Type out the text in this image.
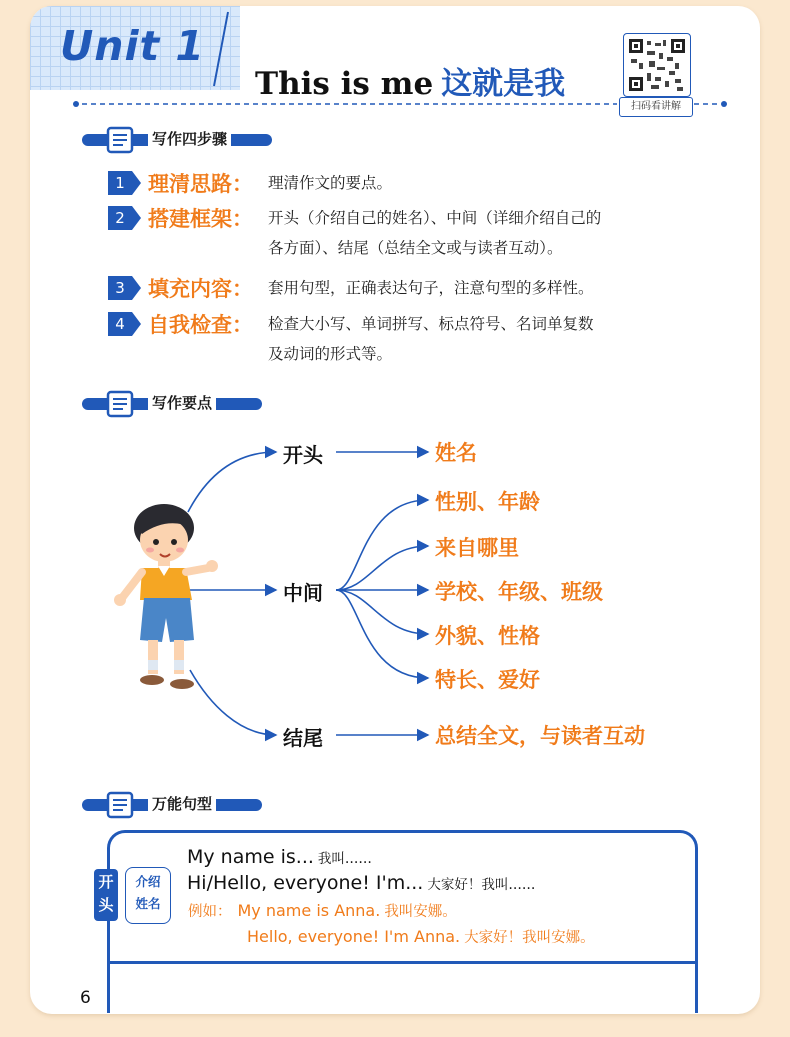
Unit 1
This is me 这就是我
扫码看讲解
写作四步骤
1	理清思路： 理清作文的要点。
2	搭建框架： 开头（介绍自己的姓名）、中间（详细介绍自己的
各方面）、结尾（总结全文或与读者互动）。
3	填充内容： 套用句型，正确表达句子，注意句型的多样性。
4	自我检查： 检查大小写、单词拼写、标点符号、名词单复数
及动词的形式等。
写作要点
开头
中间
结尾
姓名
性别、年龄
来自哪里
学校、年级、班级
外貌、性格
特长、爱好
总结全文，与读者互动
万能句型
开头
介绍
姓名
My name is... 我叫……
Hi/Hello, everyone! I'm... 大家好！我叫……
例如： My name is Anna. 我叫安娜。
Hello, everyone! I'm Anna. 大家好！我叫安娜。
6
